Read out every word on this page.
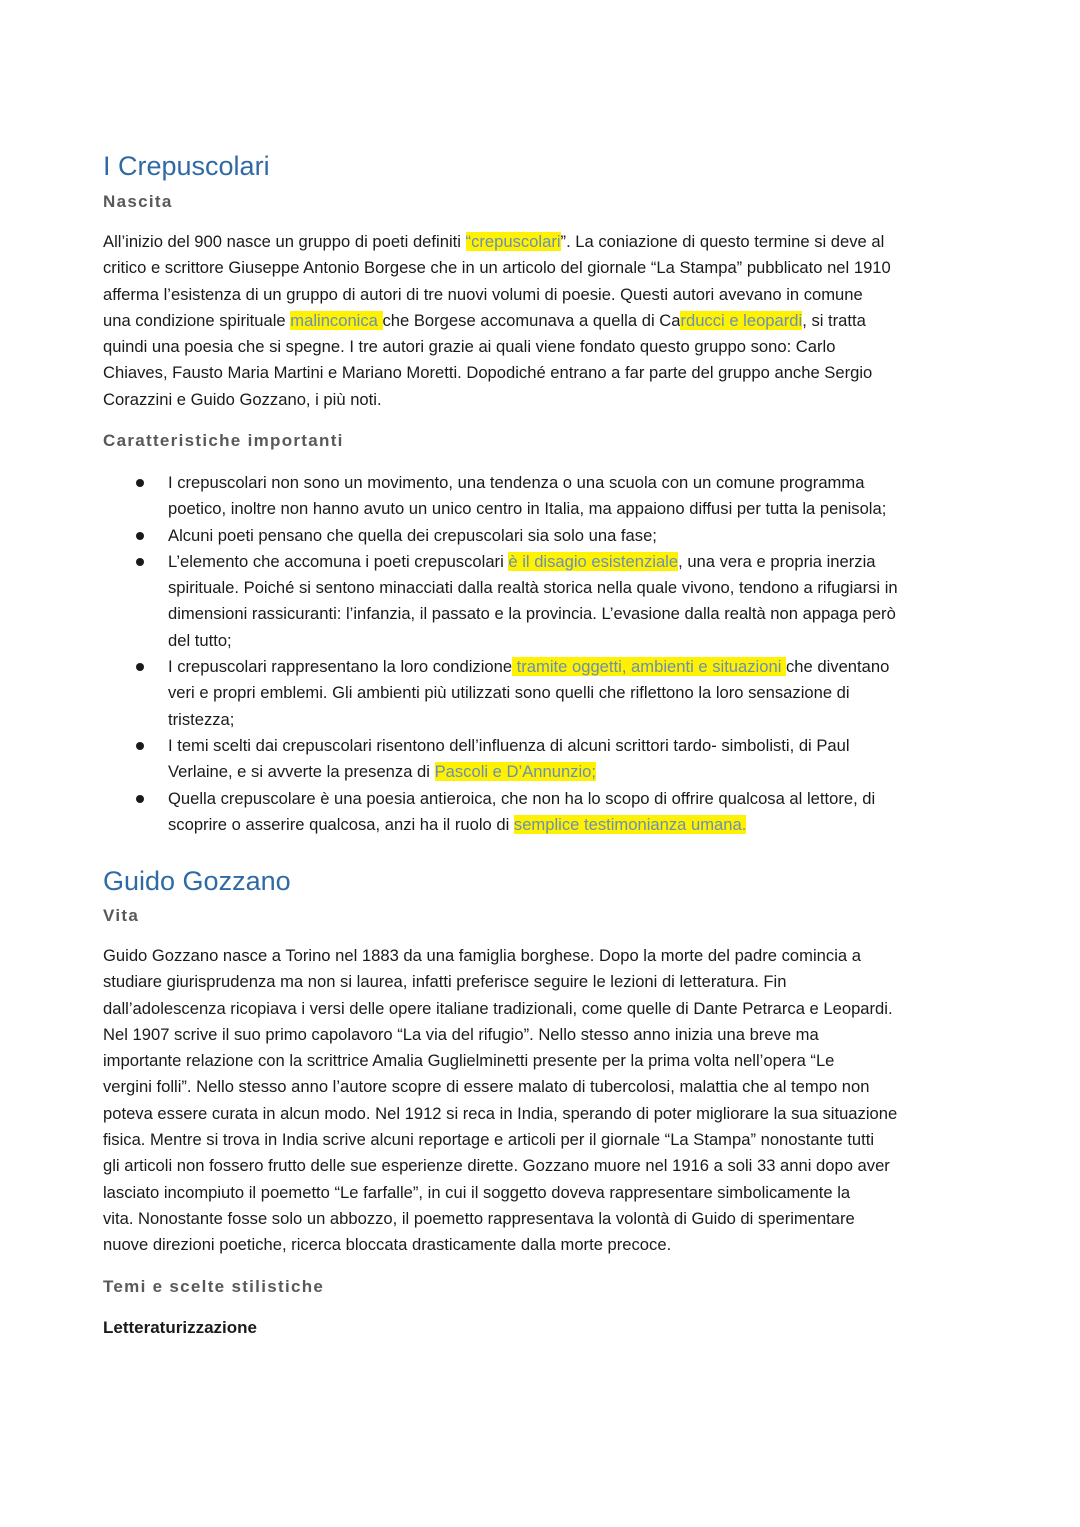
I Crepuscolari
Nascita

All’inizio del 900 nasce un gruppo di poeti definiti “crepuscolari”. La coniazione di questo termine si deve al
critico e scrittore Giuseppe Antonio Borgese che in un articolo del giornale “La Stampa” pubblicato nel 1910
afferma l’esistenza di un gruppo di autori di tre nuovi volumi di poesie. Questi autori avevano in comune
una condizione spirituale malinconica che Borgese accomunava a quella di Carducci e leopardi, si tratta
quindi una poesia che si spegne. I tre autori grazie ai quali viene fondato questo gruppo sono: Carlo
Chiaves, Fausto Maria Martini e Mariano Moretti. Dopodiché entrano a far parte del gruppo anche Sergio
Corazzini e Guido Gozzano, i più noti.

Caratteristiche importanti
I crepuscolari non sono un movimento, una tendenza o una scuola con un comune programma
poetico, inoltre non hanno avuto un unico centro in Italia, ma appaiono diffusi per tutta la penisola;
Alcuni poeti pensano che quella dei crepuscolari sia solo una fase;
L’elemento che accomuna i poeti crepuscolari è il disagio esistenziale, una vera e propria inerzia
spirituale. Poiché si sentono minacciati dalla realtà storica nella quale vivono, tendono a rifugiarsi in
dimensioni rassicuranti: l’infanzia, il passato e la provincia. L’evasione dalla realtà non appaga però
del tutto;
I crepuscolari rappresentano la loro condizione tramite oggetti, ambienti e situazioni che diventano
veri e propri emblemi. Gli ambienti più utilizzati sono quelli che riflettono la loro sensazione di
tristezza;
I temi scelti dai crepuscolari risentono dell’influenza di alcuni scrittori tardo- simbolisti, di Paul
Verlaine, e si avverte la presenza di Pascoli e D’Annunzio;
Quella crepuscolare è una poesia antieroica, che non ha lo scopo di offrire qualcosa al lettore, di
scoprire o asserire qualcosa, anzi ha il ruolo di semplice testimonianza umana.
Guido Gozzano
Vita

Guido Gozzano nasce a Torino nel 1883 da una famiglia borghese. Dopo la morte del padre comincia a
studiare giurisprudenza ma non si laurea, infatti preferisce seguire le lezioni di letteratura. Fin
dall’adolescenza ricopiava i versi delle opere italiane tradizionali, come quelle di Dante Petrarca e Leopardi.
Nel 1907 scrive il suo primo capolavoro “La via del rifugio”. Nello stesso anno inizia una breve ma
importante relazione con la scrittrice Amalia Guglielminetti presente per la prima volta nell’opera “Le
vergini folli”. Nello stesso anno l’autore scopre di essere malato di tubercolosi, malattia che al tempo non
poteva essere curata in alcun modo. Nel 1912 si reca in India, sperando di poter migliorare la sua situazione
fisica. Mentre si trova in India scrive alcuni reportage e articoli per il giornale “La Stampa” nonostante tutti
gli articoli non fossero frutto delle sue esperienze dirette. Gozzano muore nel 1916 a soli 33 anni dopo aver
lasciato incompiuto il poemetto “Le farfalle”, in cui il soggetto doveva rappresentare simbolicamente la
vita. Nonostante fosse solo un abbozzo, il poemetto rappresentava la volontà di Guido di sperimentare
nuove direzioni poetiche, ricerca bloccata drasticamente dalla morte precoce.

Temi e scelte stilistiche
Letteraturizzazione
